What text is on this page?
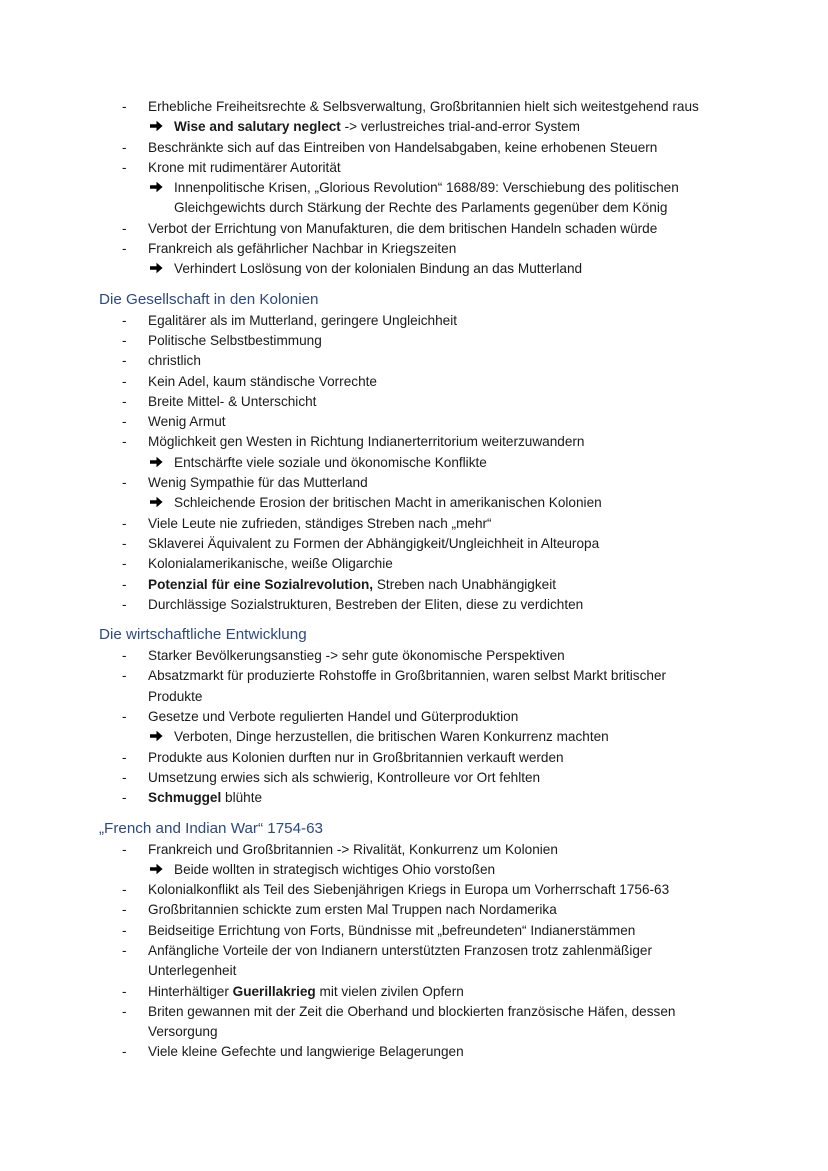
- Erhebliche Freiheitsrechte & Selbsverwaltung, Großbritannien hielt sich weitestgehend raus
Wise and salutary neglect -> verlustreiches trial-and-error System
- Beschränkte sich auf das Eintreiben von Handelsabgaben, keine erhobenen Steuern
- Krone mit rudimentärer Autorität
Innenpolitische Krisen, „Glorious Revolution“ 1688/89: Verschiebung des politischen
Gleichgewichts durch Stärkung der Rechte des Parlaments gegenüber dem König
- Verbot der Errichtung von Manufakturen, die dem britischen Handeln schaden würde
- Frankreich als gefährlicher Nachbar in Kriegszeiten
Verhindert Loslösung von der kolonialen Bindung an das Mutterland
Die Gesellschaft in den Kolonien
- Egalitärer als im Mutterland, geringere Ungleichheit
- Politische Selbstbestimmung
- christlich
- Kein Adel, kaum ständische Vorrechte
- Breite Mittel- & Unterschicht
- Wenig Armut
- Möglichkeit gen Westen in Richtung Indianerterritorium weiterzuwandern
Entschärfte viele soziale und ökonomische Konflikte
- Wenig Sympathie für das Mutterland
Schleichende Erosion der britischen Macht in amerikanischen Kolonien
- Viele Leute nie zufrieden, ständiges Streben nach „mehr“
- Sklaverei Äquivalent zu Formen der Abhängigkeit/Ungleichheit in Alteuropa
- Kolonialamerikanische, weiße Oligarchie
- Potenzial für eine Sozialrevolution, Streben nach Unabhängigkeit
- Durchlässige Sozialstrukturen, Bestreben der Eliten, diese zu verdichten
Die wirtschaftliche Entwicklung
- Starker Bevölkerungsanstieg -> sehr gute ökonomische Perspektiven
- Absatzmarkt für produzierte Rohstoffe in Großbritannien, waren selbst Markt britischer
Produkte
- Gesetze und Verbote regulierten Handel und Güterproduktion
Verboten, Dinge herzustellen, die britischen Waren Konkurrenz machten
- Produkte aus Kolonien durften nur in Großbritannien verkauft werden
- Umsetzung erwies sich als schwierig, Kontrolleure vor Ort fehlten
- Schmuggel blühte
„French and Indian War“ 1754-63
- Frankreich und Großbritannien -> Rivalität, Konkurrenz um Kolonien
Beide wollten in strategisch wichtiges Ohio vorstoßen
- Kolonialkonflikt als Teil des Siebenjährigen Kriegs in Europa um Vorherrschaft 1756-63
- Großbritannien schickte zum ersten Mal Truppen nach Nordamerika
- Beidseitige Errichtung von Forts, Bündnisse mit „befreundeten“ Indianerstämmen
- Anfängliche Vorteile der von Indianern unterstützten Franzosen trotz zahlenmäßiger
Unterlegenheit
- Hinterhältiger Guerillakrieg mit vielen zivilen Opfern
- Briten gewannen mit der Zeit die Oberhand und blockierten französische Häfen, dessen
Versorgung
- Viele kleine Gefechte und langwierige Belagerungen
